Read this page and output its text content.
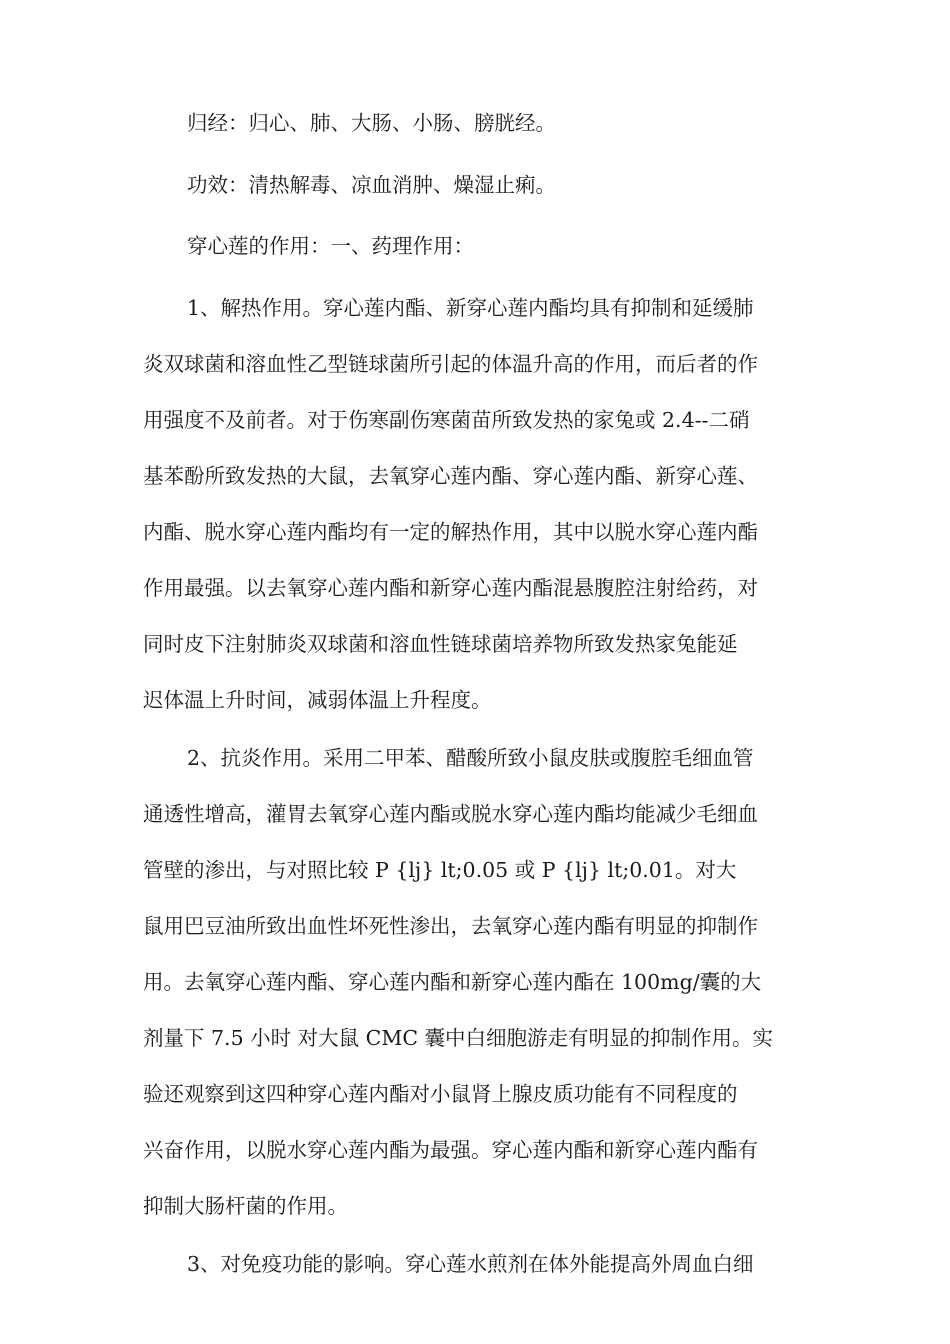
归经：归心、肺、大肠、小肠、膀胱经。
功效：清热解毒、凉血消肿、燥湿止痢。
穿心莲的作用：一、药理作用：
1、解热作用。穿心莲内酯、新穿心莲内酯均具有抑制和延缓肺
炎双球菌和溶血性乙型链球菌所引起的体温升高的作用，而后者的作
用强度不及前者。对于伤寒副伤寒菌苗所致发热的家兔或 2.4--二硝
基苯酚所致发热的大鼠，去氧穿心莲内酯、穿心莲内酯、新穿心莲、
内酯、脱水穿心莲内酯均有一定的解热作用，其中以脱水穿心莲内酯
作用最强。以去氧穿心莲内酯和新穿心莲内酯混悬腹腔注射给药，对
同时皮下注射肺炎双球菌和溶血性链球菌培养物所致发热家兔能延
迟体温上升时间，减弱体温上升程度。
2、抗炎作用。采用二甲苯、醋酸所致小鼠皮肤或腹腔毛细血管
通透性增高，灌胃去氧穿心莲内酯或脱水穿心莲内酯均能减少毛细血
管壁的渗出，与对照比较 P {lj} lt;0.05 或 P {lj} lt;0.01。对大
鼠用巴豆油所致出血性坏死性渗出，去氧穿心莲内酯有明显的抑制作
用。去氧穿心莲内酯、穿心莲内酯和新穿心莲内酯在 100mg/囊的大
剂量下 7.5 小时 对大鼠 CMC 囊中白细胞游走有明显的抑制作用。实
验还观察到这四种穿心莲内酯对小鼠肾上腺皮质功能有不同程度的
兴奋作用，以脱水穿心莲内酯为最强。穿心莲内酯和新穿心莲内酯有
抑制大肠杆菌的作用。
3、对免疫功能的影响。穿心莲水煎剂在体外能提高外周血白细
